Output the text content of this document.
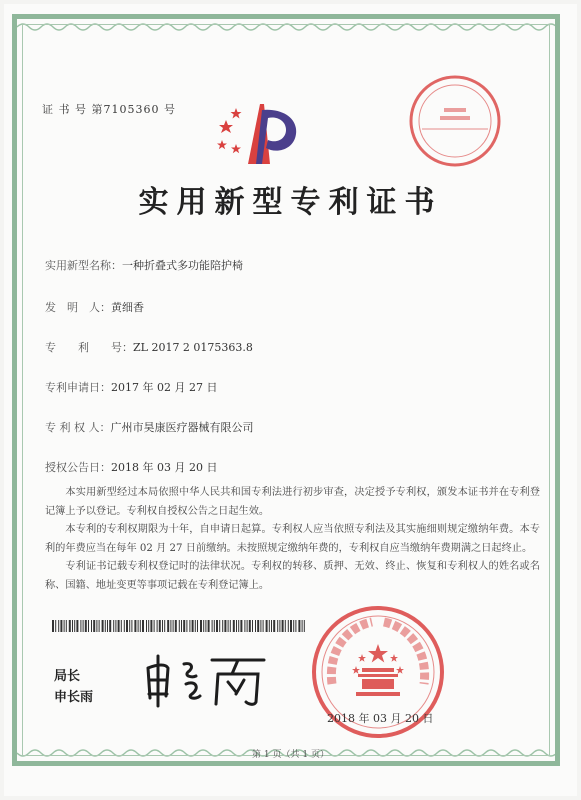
证 书 号 第7105360 号
实用新型专利证书
实用新型名称：一种折叠式多功能陪护椅
发　明　人：黄细香
专　　利　　号：ZL 2017 2 0175363.8
专利申请日：2017 年 02 月 27 日
专 利 权 人：广州市昊康医疗器械有限公司
授权公告日：2018 年 03 月 20 日

本实用新型经过本局依照中华人民共和国专利法进行初步审查，决定授予专利权，颁发本证书并在专利登记簿上予以登记。专利权自授权公告之日起生效。

本专利的专利权期限为十年，自申请日起算。专利权人应当依照专利法及其实施细则规定缴纳年费。本专利的年费应当在每年 02 月 27 日前缴纳。未按照规定缴纳年费的，专利权自应当缴纳年费期满之日起终止。

专利证书记载专利权登记时的法律状况。专利权的转移、质押、无效、终止、恢复和专利权人的姓名或名称、国籍、地址变更等事项记载在专利登记簿上。

局长
申长雨
2018 年 03 月 20 日
第 1 页（共 1 页）
